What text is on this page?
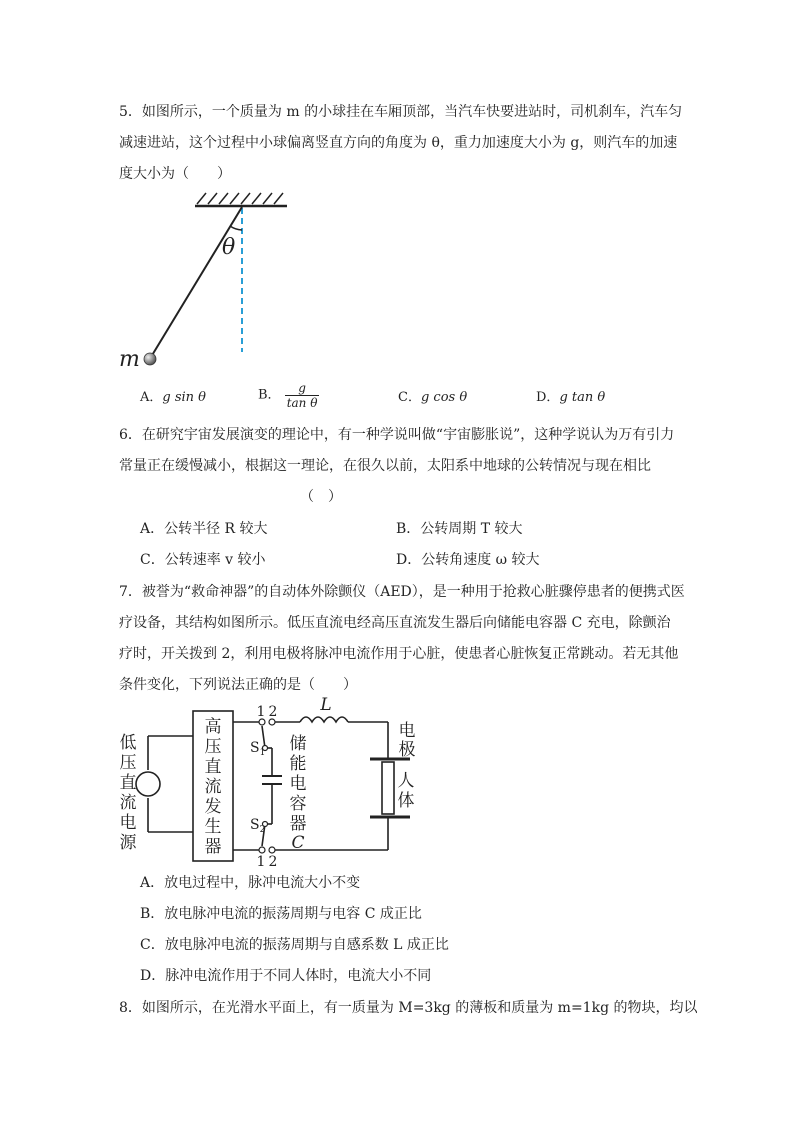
5．如图所示，一个质量为 m 的小球挂在车厢顶部，当汽车快要进站时，司机刹车，汽车匀
减速进站，这个过程中小球偏离竖直方向的角度为 θ，重力加速度大小为 g，则汽车的加速
度大小为（　　）
θ
m
A．g sin θ	B． $\frac{g}{\text{tan θ}}$	C．g cos θ	D．g tan θ
6．在研究宇宙发展演变的理论中，有一种学说叫做“宇宙膨胀说”，这种学说认为万有引力
常量正在缓慢减小，根据这一理论，在很久以前，太阳系中地球的公转情况与现在相比
（　）
A．公转半径 R 较大	B．公转周期 T 较大
C．公转速率 v 较小	D．公转角速度 ω 较大
7．被誉为“救命神器”的自动体外除颤仪（AED），是一种用于抢救心脏骤停患者的便携式医
疗设备，其结构如图所示。低压直流电经高压直流发生器后向储能电容器 C 充电，除颤治
疗时，开关拨到 2，利用电极将脉冲电流作用于心脏，使患者心脏恢复正常跳动。若无其他
条件变化，下列说法正确的是（　　）
低
压
直
流
电
源
高
压
直
流
发
生
器
储
能
电
容
器
C
电
极
人
体
L
1 2
1 2
$S_1$
$S_2$
A．放电过程中，脉冲电流大小不变
B．放电脉冲电流的振荡周期与电容 C 成正比
C．放电脉冲电流的振荡周期与自感系数 L 成正比
D．脉冲电流作用于不同人体时，电流大小不同
8．如图所示，在光滑水平面上，有一质量为 M=3kg 的薄板和质量为 m=1kg 的物块，均以
